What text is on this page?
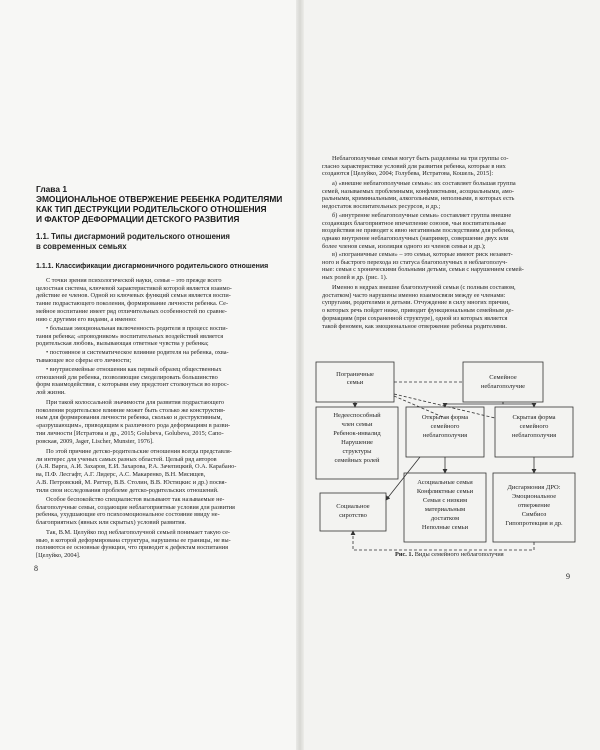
Глава 1
ЭМОЦИОНАЛЬНОЕ ОТВЕРЖЕНИЕ РЕБЕНКА РОДИТЕЛЯМИ
КАК ТИП ДЕСТРУКЦИИ РОДИТЕЛЬСКОГО ОТНОШЕНИЯ
И ФАКТОР ДЕФОРМАЦИИ ДЕТСКОГО РАЗВИТИЯ
1.1. Типы дисгармоний родительского отношения
в современных семьях
1.1.1. Классификации дисгармоничного родительского отношения
С точки зрения психологической науки, семья – это прежде всего
целостная система, ключевой характеристикой которой является взаимо-
действие ее членов. Одной из ключевых функций семьи является воспи-
тание подрастающего поколения, формирование личности ребенка. Се-
мейное воспитание имеет ряд отличительных особенностей по сравне-
нию с другими его видами, а именно:
• большая эмоциональная включенность родителя в процесс воспи-
тания ребенка; «проводником» воспитательных воздействий является
родительская любовь, вызывающая ответные чувства у ребенка;
• постоянное и систематическое влияние родителя на ребенка, охва-
тывающее все сферы его личности;
• внутрисемейные отношения как первый образец общественных
отношений для ребенка, позволяющие смоделировать большинство
форм взаимодействия, с которыми ему предстоит столкнуться во взрос-
лой жизни.
При такой колоссальной значимости для развития подрастающего
поколения родительское влияние может быть столько же конструктив-
ным для формирования личности ребенка, сколько и деструктивным,
«разрушающим», приводящим к различного рода деформациям в разви-
тии личности [Истратова и др., 2015; Golubeva, Golubeva, 2015; Сапо-
ровская, 2009, Jager, Lischer, Munster, 1976].
По этой причине детско-родительские отношения всегда представля-
ли интерес для ученых самых разных областей. Целый ряд авторов
(А.Я. Варга, А.И. Захаров, Е.И. Захарова, Р.А. Зачепицкий, О.А. Карабано-
ва, П.Ф. Лесгафт, А.Г. Лидерс, А.С. Макаренко, В.Н. Мясищев,
А.В. Петровский, М. Раттер, В.В. Столин, В.В. Юстицкис и др.) посвя-
тили свои исследования проблеме детско-родительских отношений.
Особое беспокойство специалистов вызывают так называемые не-
благополучные семьи, создающие неблагоприятные условия для развития
ребенка, ухудшающие его психоэмоциональное состояние ввиду не-
благоприятных (явных или скрытых) условий развития.
Так, В.М. Целуйко под неблагополучной семьей понимает такую се-
мью, в которой деформирована структура, нарушены ее границы, не вы-
полняются ее основные функции, что приводит к дефектам воспитания
[Целуйко, 2004].
8
Неблагополучные семьи могут быть разделены на три группы со-
гласно характеристике условий для развития ребенка, которые в них
создаются [Целуйко, 2004; Голубева, Истратова, Кошель, 2015]:
а) «внешне неблагополучные семьи»: их составляет большая группа
семей, называемых проблемными, конфликтными, асоциальными, амо-
ральными, криминальными, алкогольными, неполными, в которых есть
недостаток воспитательных ресурсов, и др.;
б) «внутренне неблагополучные семьи» составляет группа внешне
создающих благоприятное впечатление союзов, чьи воспитательные
воздействия не приводят к явно негативным последствиям для ребенка,
однако внутренне неблагополучных (например, совершение двух или
более членов семьи, изоляция одного из членов семьи и др.);
в) «пограничные семьи» – это семьи, которые имеют риск незамет-
ного и быстрого перехода из статуса благополучных в неблагополуч-
ные: семьи с хроническими больными детьми, семьи с нарушением семей-
ных ролей и др. (рис. 1).
Именно в недрах внешне благополучной семьи (с полным составом,
достатком) часто нарушены именно взаимосвязи между ее членами:
супругами, родителями и детьми. Отчуждение в силу многих причин,
о которых речь пойдет ниже, приводит функциональным семейным де-
формациям (при сохраненной структуре), одной из которых является
такой феномен, как эмоциональное отвержение ребенка родителями.
Пограничные
семьи
Семейное
неблагополучие
Недееспособный
член семьи
Ребенок-инвалид
Нарушение
структуры
семейных ролей
Открытая форма
семейного
неблагополучия
Скрытая форма
семейного
неблагополучия
Социальное
сиротство
Асоциальные семьи
Конфликтные семьи
Семьи с низким
материальным
достатком
Неполные семьи
Дисгармония ДРО:
Эмоциональное
отвержение
Симбиоз
Гипопротекция и др.
Рис. 1. Виды семейного неблагополучия
9
